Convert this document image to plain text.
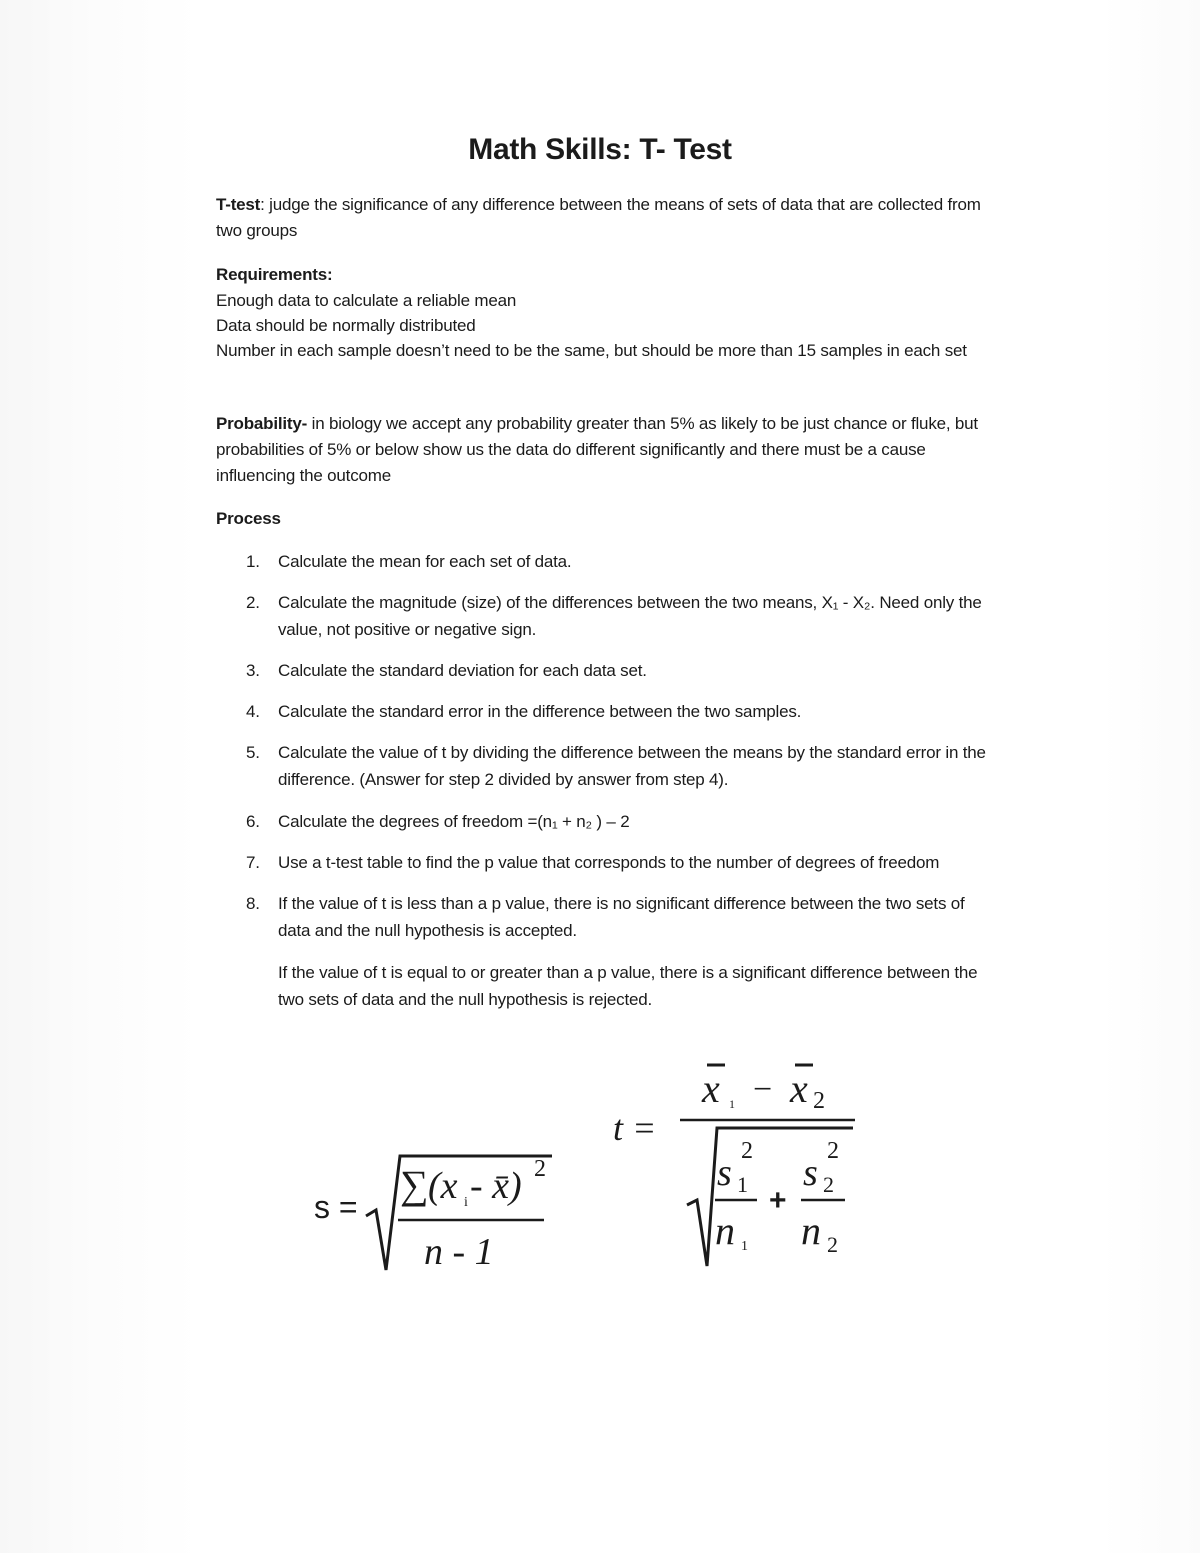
Math Skills: T- Test
T-test: judge the significance of any difference between the means of sets of data that are collected from two groups
Requirements:
Enough data to calculate a reliable mean
Data should be normally distributed
Number in each sample doesn’t need to be the same, but should be more than 15 samples in each set
Probability- in biology we accept any probability greater than 5% as likely to be just chance or fluke, but probabilities of 5% or below show us the data do different significantly and there must be a cause influencing the outcome
Process
1.	Calculate the mean for each set of data.
2.	Calculate the magnitude (size) of the differences between the two means, X₁ - X₂. Need only the value, not positive or negative sign.
3.	Calculate the standard deviation for each data set.
4.	Calculate the standard error in the difference between the two samples.
5.	Calculate the value of t by dividing the difference between the means by the standard error in the difference. (Answer for step 2 divided by answer from step 4).
6.	Calculate the degrees of freedom =(n₁ + n₂ ) – 2
7.	Use a t-test table to find the p value that corresponds to the number of degrees of freedom
8.	If the value of t is less than a p value, there is no significant difference between the two sets of data and the null hypothesis is accepted.
If the value of t is equal to or greater than a p value, there is a significant difference between the two sets of data and the null hypothesis is rejected.
s = ∑ (x i - x̄) 2
n - 1
t =
x 1 − x 2
s
2
1
n 1
+
s
2
2
n 2
